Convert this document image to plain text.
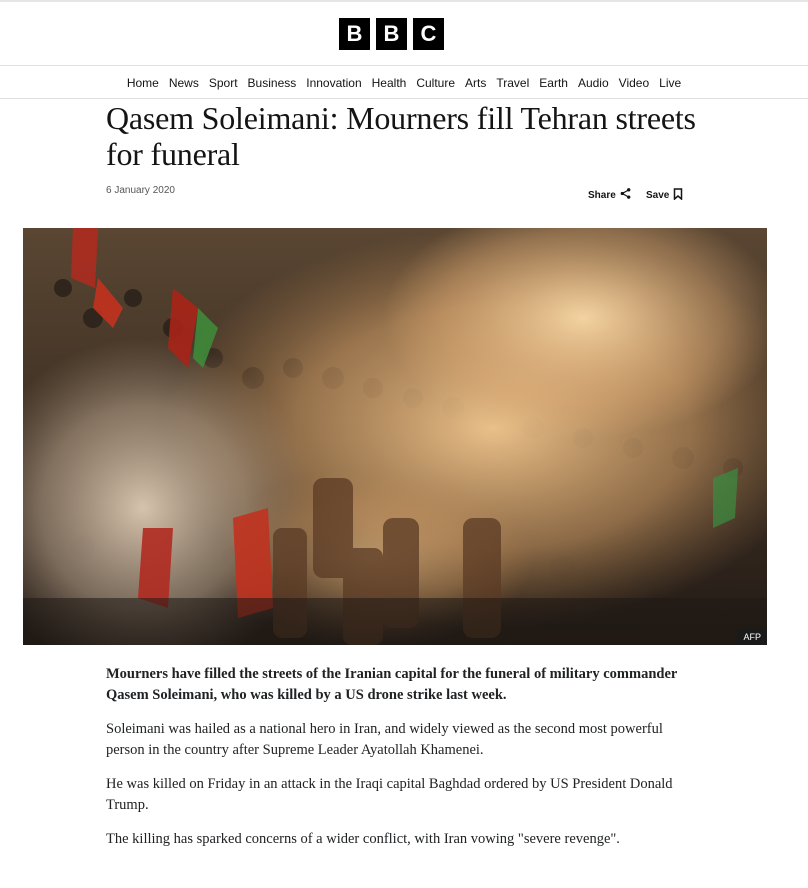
B B C
Home News Sport Business Innovation Health Culture Arts Travel Earth Audio Video Live
Qasem Soleimani: Mourners fill Tehran streets for funeral
6 January 2020	Share	Save
AFP

Mourners have filled the streets of the Iranian capital for the funeral of military commander Qasem Soleimani, who was killed by a US drone strike last week.

Soleimani was hailed as a national hero in Iran, and widely viewed as the second most powerful person in the country after Supreme Leader Ayatollah Khamenei.

He was killed on Friday in an attack in the Iraqi capital Baghdad ordered by US President Donald Trump.

The killing has sparked concerns of a wider conflict, with Iran vowing "severe revenge".
